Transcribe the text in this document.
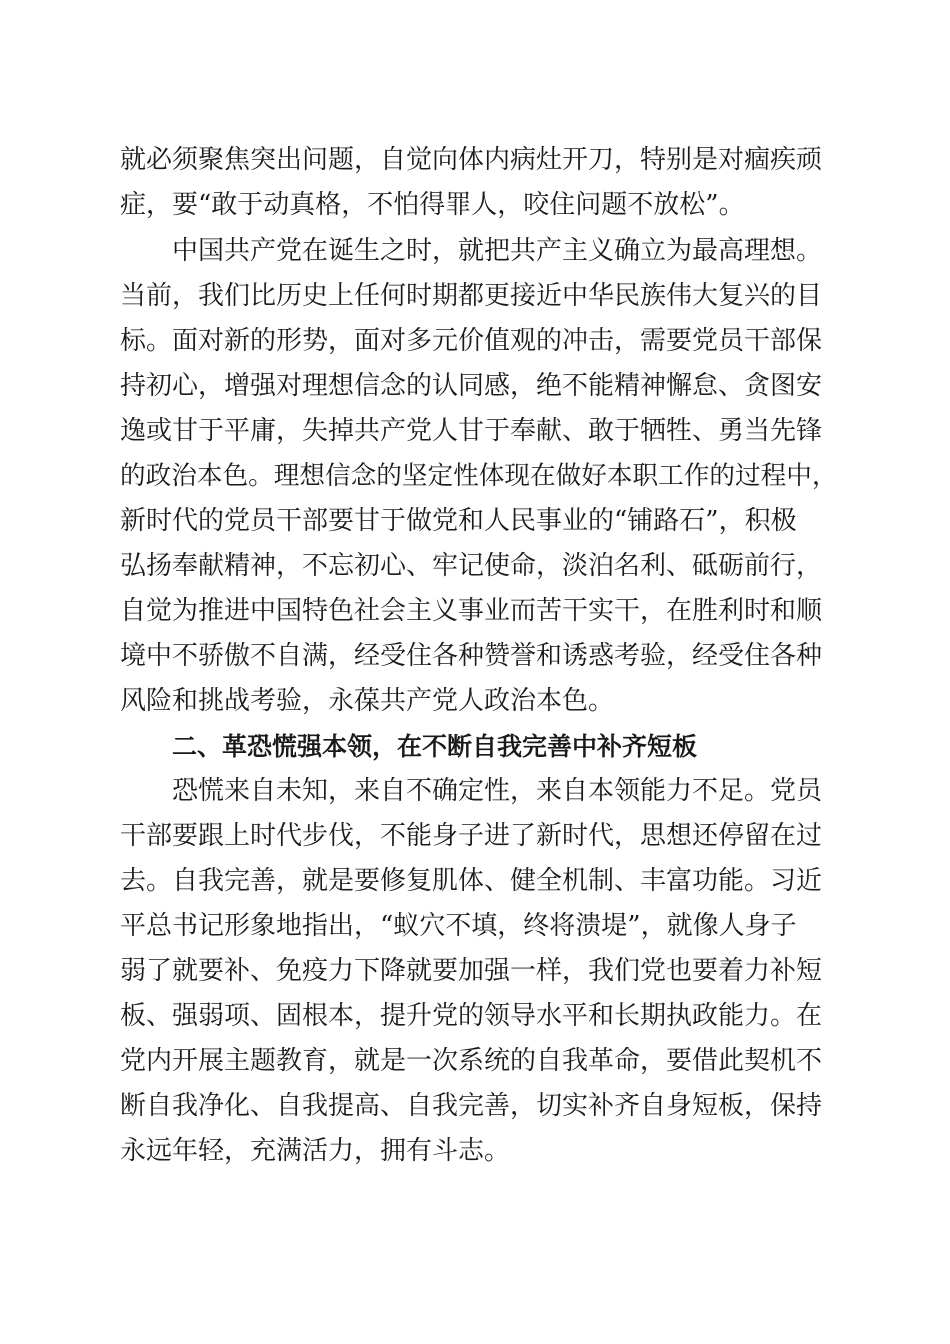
就必须聚焦突出问题，自觉向体内病灶开刀，特别是对痼疾顽
症，要“敢于动真格，不怕得罪人，咬住问题不放松”。
中国共产党在诞生之时，就把共产主义确立为最高理想。
当前，我们比历史上任何时期都更接近中华民族伟大复兴的目
标。面对新的形势，面对多元价值观的冲击，需要党员干部保
持初心，增强对理想信念的认同感，绝不能精神懈怠、贪图安
逸或甘于平庸，失掉共产党人甘于奉献、敢于牺牲、勇当先锋
的政治本色。理想信念的坚定性体现在做好本职工作的过程中，
新时代的党员干部要甘于做党和人民事业的“铺路石”，积极
弘扬奉献精神，不忘初心、牢记使命，淡泊名利、砥砺前行，
自觉为推进中国特色社会主义事业而苦干实干，在胜利时和顺
境中不骄傲不自满，经受住各种赞誉和诱惑考验，经受住各种
风险和挑战考验，永葆共产党人政治本色。
二、革恐慌强本领，在不断自我完善中补齐短板
恐慌来自未知，来自不确定性，来自本领能力不足。党员
干部要跟上时代步伐，不能身子进了新时代，思想还停留在过
去。自我完善，就是要修复肌体、健全机制、丰富功能。习近
平总书记形象地指出，“蚁穴不填，终将溃堤”，就像人身子
弱了就要补、免疫力下降就要加强一样，我们党也要着力补短
板、强弱项、固根本，提升党的领导水平和长期执政能力。在
党内开展主题教育，就是一次系统的自我革命，要借此契机不
断自我净化、自我提高、自我完善，切实补齐自身短板，保持
永远年轻，充满活力，拥有斗志。
